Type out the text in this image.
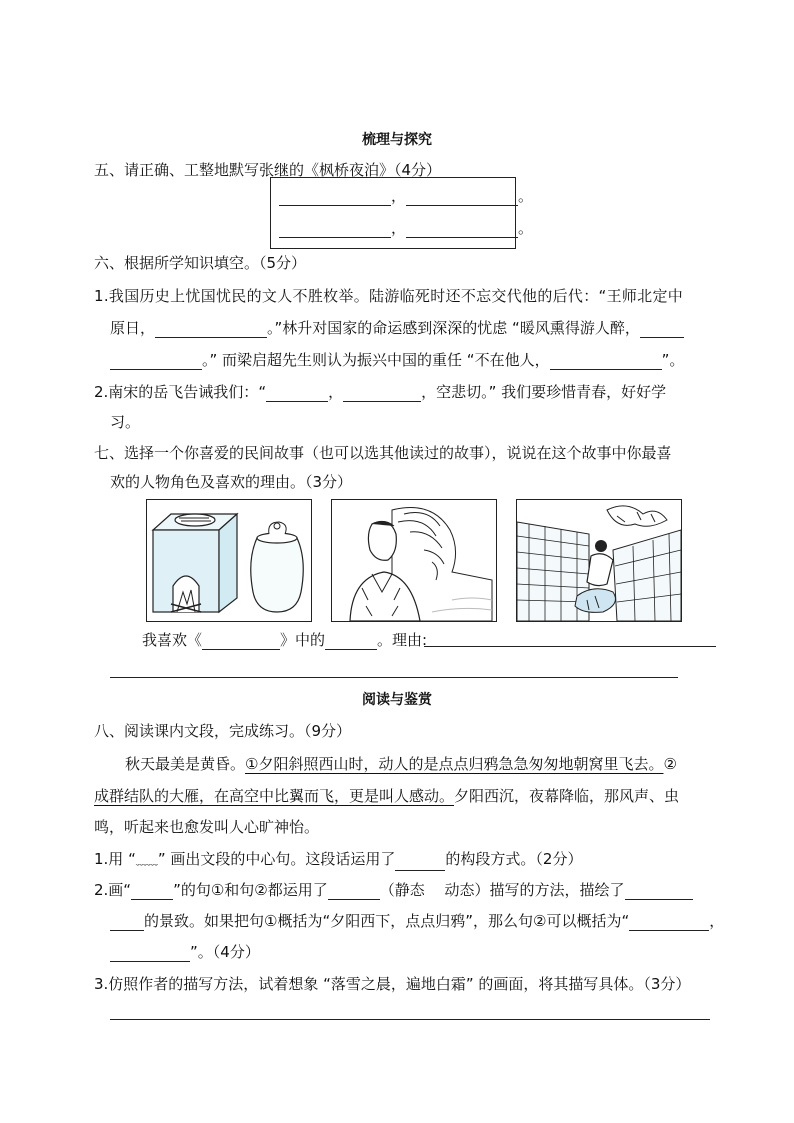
梳理与探究
五、请正确、工整地默写张继的《枫桥夜泊》（4分）
，	。
，	。
六、根据所学知识填空。（5分）
1.我国历史上忧国忧民的文人不胜枚举。陆游临死时还不忘交代他的后代：“王师北定中
原日，	。”林升对国家的命运感到深深的忧虑 “暖风熏得游人醉，
。” 而梁启超先生则认为振兴中国的重任 “不在他人，	”。
2.南宋的岳飞告诫我们：“	，	，空悲切。” 我们要珍惜青春，好好学
习。
七、选择一个你喜爱的民间故事（也可以选其他读过的故事），说说在这个故事中你最喜
欢的人物角色及喜欢的理由。（3分）
我喜欢《	》中的	。理由:
阅读与鉴赏
八、阅读课内文段，完成练习。（9分）
秋天最美是黄昏。①夕阳斜照西山时，动人的是点点归鸦急急匆匆地朝窝里飞去。②
成群结队的大雁，在高空中比翼而飞，更是叫人感动。夕阳西沉，夜幕降临，那风声、虫
鸣，听起来也愈发叫人心旷神怡。
1.用 “﹏﹏” 画出文段的中心句。这段话运用了	的构段方式。（2分）
2.画“	”的句①和句②都运用了	（静态　 动态）描写的方法，描绘了
的景致。如果把句①概括为“夕阳西下，点点归鸦”，那么句②可以概括为“	，
”。（4分）
3.仿照作者的描写方法，试着想象 “落雪之晨，遍地白霜” 的画面，将其描写具体。（3分）
